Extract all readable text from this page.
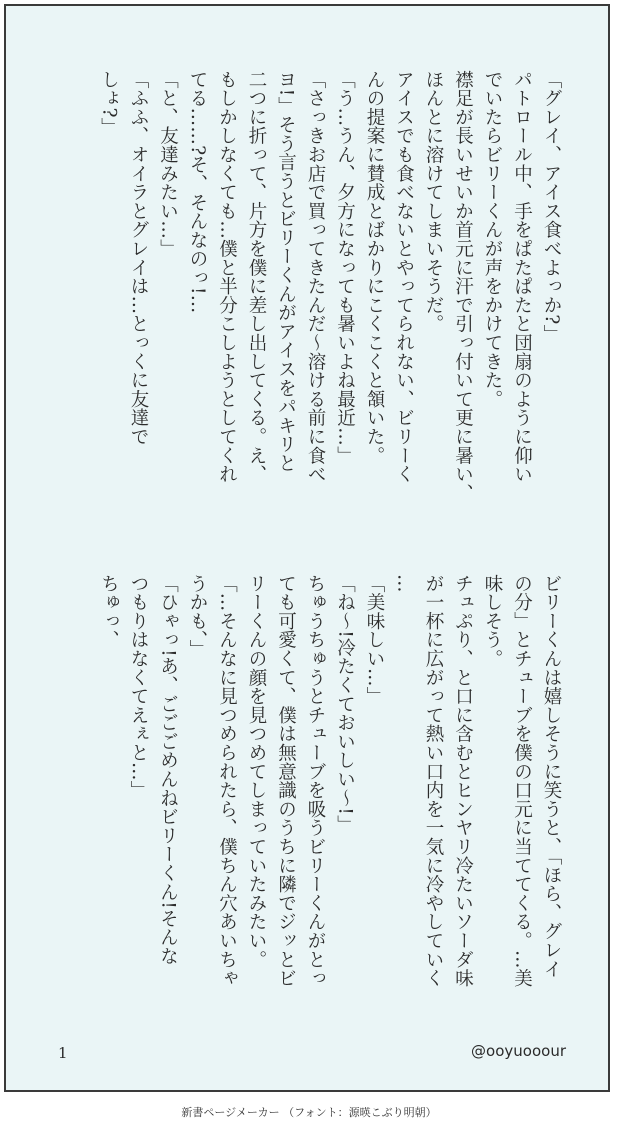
「グレイ、アイス食べよっか?」
パトロール中、手をぱたぱたと団扇のように仰い
でいたらビリーくんが声をかけてきた。
襟足が長いせいか首元に汗で引っ付いて更に暑い、
ほんとに溶けてしまいそうだ。
アイスでも食べないとやってられない、ビリーく
んの提案に賛成とばかりにこくこくと頷いた。
「う…うん、夕方になっても暑いよね最近…」
「さっきお店で買ってきたんだ〜溶ける前に食べ
ヨ!」そう言うとビリーくんがアイスをパキリと
二つに折って、片方を僕に差し出してくる。え、
もしかしなくても…僕と半分こしようとしてくれ
てる……?そ、そんなのっ!…
「と、友達みたい…」
「ふふ、オイラとグレイは…とっくに友達で
しょ?」
ビリーくんは嬉しそうに笑うと、「ほら、グレイ
の分」とチューブを僕の口元に当ててくる。…美
味しそう。
チュぷり、と口に含むとヒンヤリ冷たいソーダ味
が一杯に広がって熱い口内を一気に冷やしていく
…
「美味しい…」
「ね〜!冷たくておいしい〜!」
ちゅうちゅうとチューブを吸うビリーくんがとっ
ても可愛くて、僕は無意識のうちに隣でジッとビ
リーくんの顔を見つめてしまっていたみたい。
「…そんなに見つめられたら、僕ちん穴あいちゃ
うかも、」
「ひゃっ!あ、ごごごめんねビリーくん!そんな
つもりはなくてえぇと…」
ちゅっ、
1	@ooyuooour
新書ページメーカー （フォント：源暎こぶり明朝）
